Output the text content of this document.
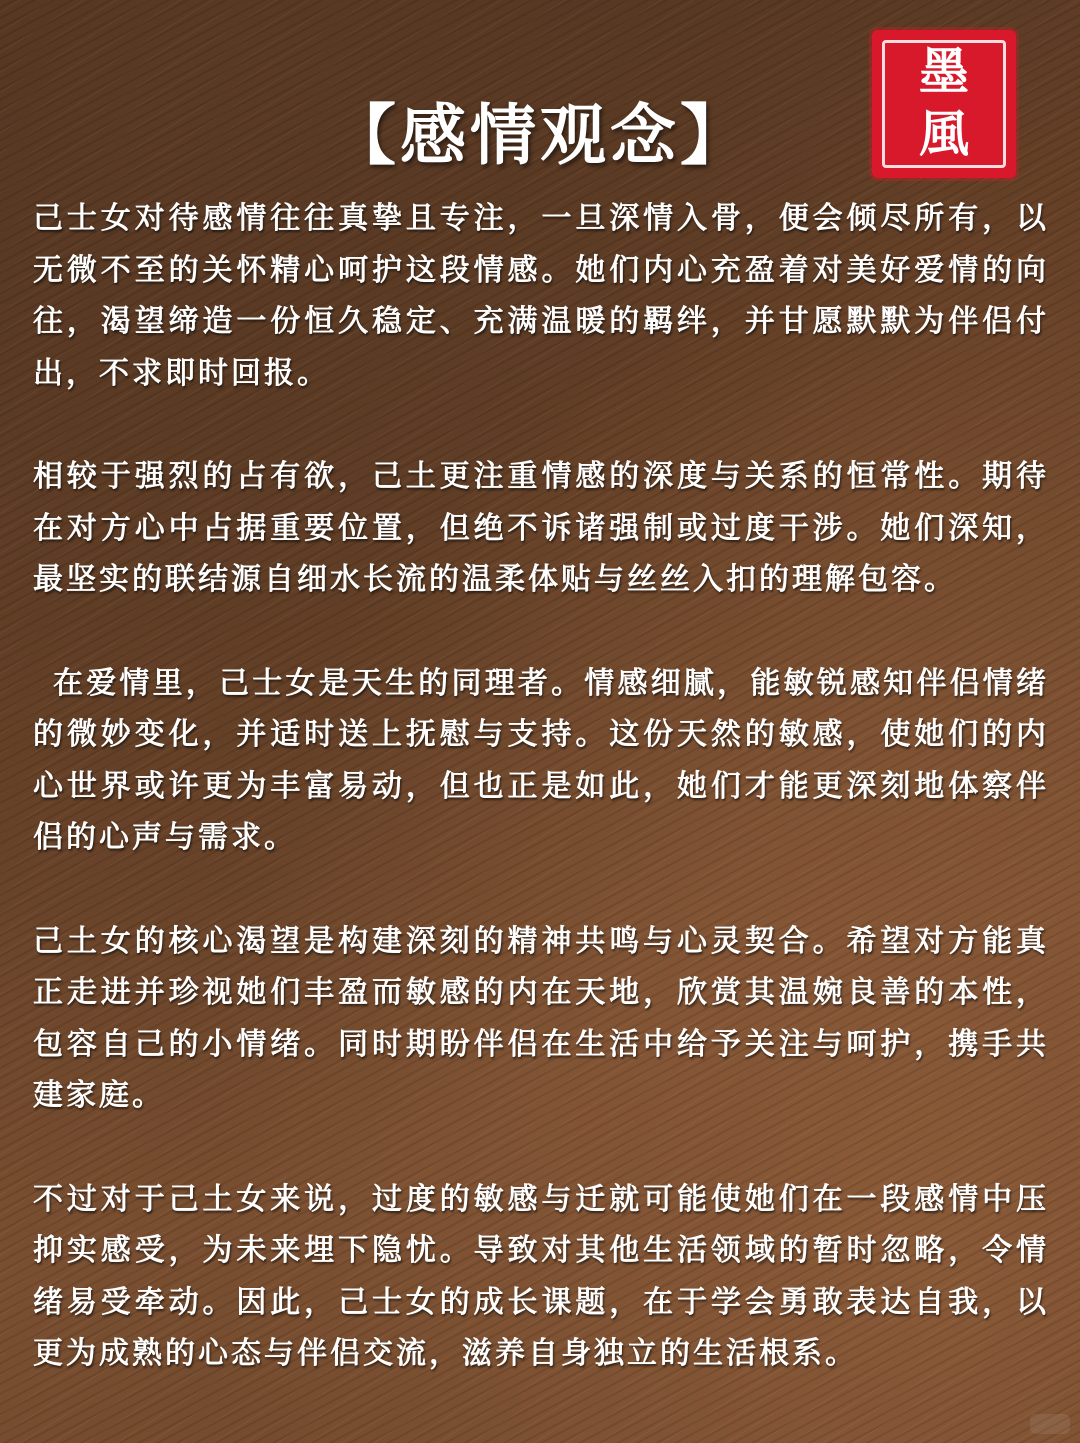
【感情观念】
墨
風

己士女对待感情往往真挚且专注，一旦深情入骨，便会倾尽所有，以无微不至的关怀精心呵护这段情感。她们内心充盈着对美好爱情的向往，渴望缔造一份恒久稳定、充满温暖的羁绊，并甘愿默默为伴侣付出，不求即时回报。

相较于强烈的占有欲，己土更注重情感的深度与关系的恒常性。期待在对方心中占据重要位置，但绝不诉诸强制或过度干涉。她们深知，最坚实的联结源自细水长流的温柔体贴与丝丝入扣的理解包容。

在爱情里，己士女是天生的同理者。情感细腻，能敏锐感知伴侣情绪的微妙变化，并适时送上抚慰与支持。这份天然的敏感，使她们的内心世界或许更为丰富易动，但也正是如此，她们才能更深刻地体察伴侣的心声与需求。

己土女的核心渴望是构建深刻的精神共鸣与心灵契合。希望对方能真正走进并珍视她们丰盈而敏感的内在天地，欣赏其温婉良善的本性，包容自己的小情绪。同时期盼伴侣在生活中给予关注与呵护，携手共建家庭。

不过对于己土女来说，过度的敏感与迁就可能使她们在一段感情中压抑实感受，为未来埋下隐忧。导致对其他生活领域的暂时忽略，令情绪易受牵动。因此，己士女的成长课题，在于学会勇敢表达自我，以更为成熟的心态与伴侣交流，滋养自身独立的生活根系。
